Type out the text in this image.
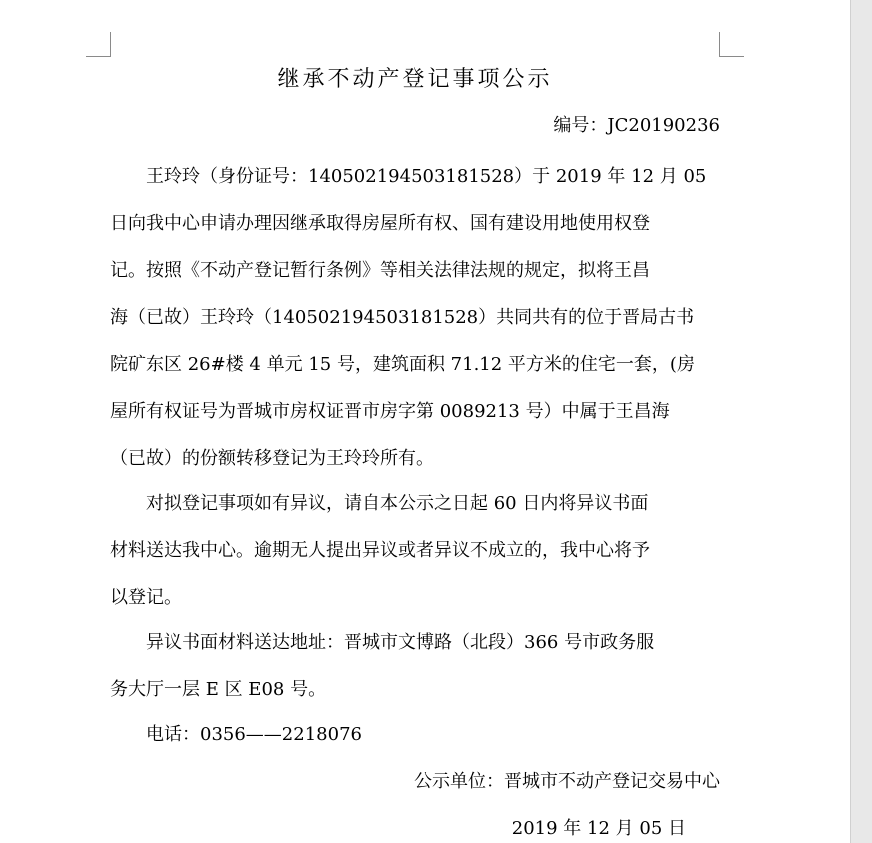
继承不动产登记事项公示
编号：JC20190236
王玲玲（身份证号：140502194503181528）于 2019 年 12 月 05
日向我中心申请办理因继承取得房屋所有权、国有建设用地使用权登
记。按照《不动产登记暂行条例》等相关法律法规的规定，拟将王昌
海（已故）王玲玲（140502194503181528）共同共有的位于晋局古书
院矿东区 26#楼 4 单元 15 号，建筑面积 71.12 平方米的住宅一套，(房
屋所有权证号为晋城市房权证晋市房字第 0089213 号）中属于王昌海
（已故）的份额转移登记为王玲玲所有。
对拟登记事项如有异议，请自本公示之日起 60 日内将异议书面
材料送达我中心。逾期无人提出异议或者异议不成立的，我中心将予
以登记。
异议书面材料送达地址：晋城市文博路（北段）366 号市政务服
务大厅一层 E 区 E08 号。
电话：0356——2218076
公示单位：晋城市不动产登记交易中心
2019 年 12 月 05 日
